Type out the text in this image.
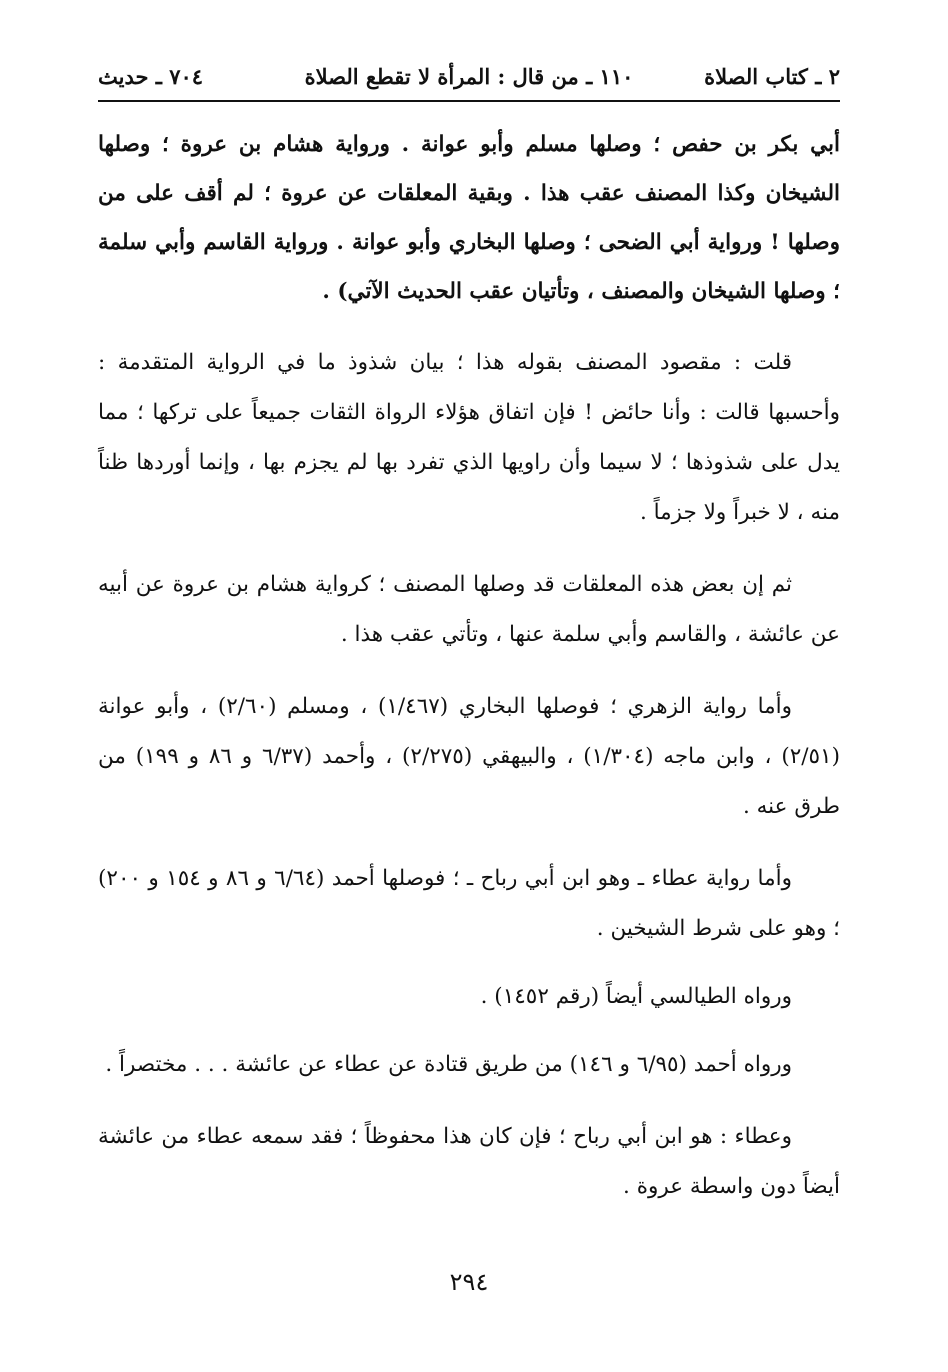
٢ ـ كتاب الصلاة
١١٠ ـ من قال : المرأة لا تقطع الصلاة
٧٠٤ ـ حديث

أبي بكر بن حفص ؛ وصلها مسلم وأبو عوانة . ورواية هشام بن عروة ؛ وصلها الشيخان وكذا المصنف عقب هذا . وبقية المعلقات عن عروة ؛ لم أقف على من وصلها ! ورواية أبي الضحى ؛ وصلها البخاري وأبو عوانة . ورواية القاسم وأبي سلمة ؛ وصلها الشيخان والمصنف ، وتأتيان عقب الحديث الآتي) .

قلت : مقصود المصنف بقوله هذا ؛ بيان شذوذ ما في الرواية المتقدمة : وأحسبها قالت : وأنا حائض ! فإن اتفاق هؤلاء الرواة الثقات جميعاً على تركها ؛ مما يدل على شذوذها ؛ لا سيما وأن راويها الذي تفرد بها لم يجزم بها ، وإنما أوردها ظناً منه ، لا خبراً ولا جزماً .

ثم إن بعض هذه المعلقات قد وصلها المصنف ؛ كرواية هشام بن عروة عن أبيه عن عائشة ، والقاسم وأبي سلمة عنها ، وتأتي عقب هذا .

وأما رواية الزهري ؛ فوصلها البخاري (١/٤٦٧) ، ومسلم (٢/٦٠) ، وأبو عوانة (٢/٥١) ، وابن ماجه (١/٣٠٤) ، والبيهقي (٢/٢٧٥) ، وأحمد (٦/٣٧ و ٨٦ و ١٩٩) من طرق عنه .

وأما رواية عطاء ـ وهو ابن أبي رباح ـ ؛ فوصلها أحمد (٦/٦٤ و ٨٦ و ١٥٤ و ٢٠٠) ؛ وهو على شرط الشيخين .

ورواه الطيالسي أيضاً (رقم ١٤٥٢) .

ورواه أحمد (٦/٩٥ و ١٤٦) من طريق قتادة عن عطاء عن عائشة . . . مختصراً .

وعطاء : هو ابن أبي رباح ؛ فإن كان هذا محفوظاً ؛ فقد سمعه عطاء من عائشة أيضاً دون واسطة عروة .

٢٩٤
